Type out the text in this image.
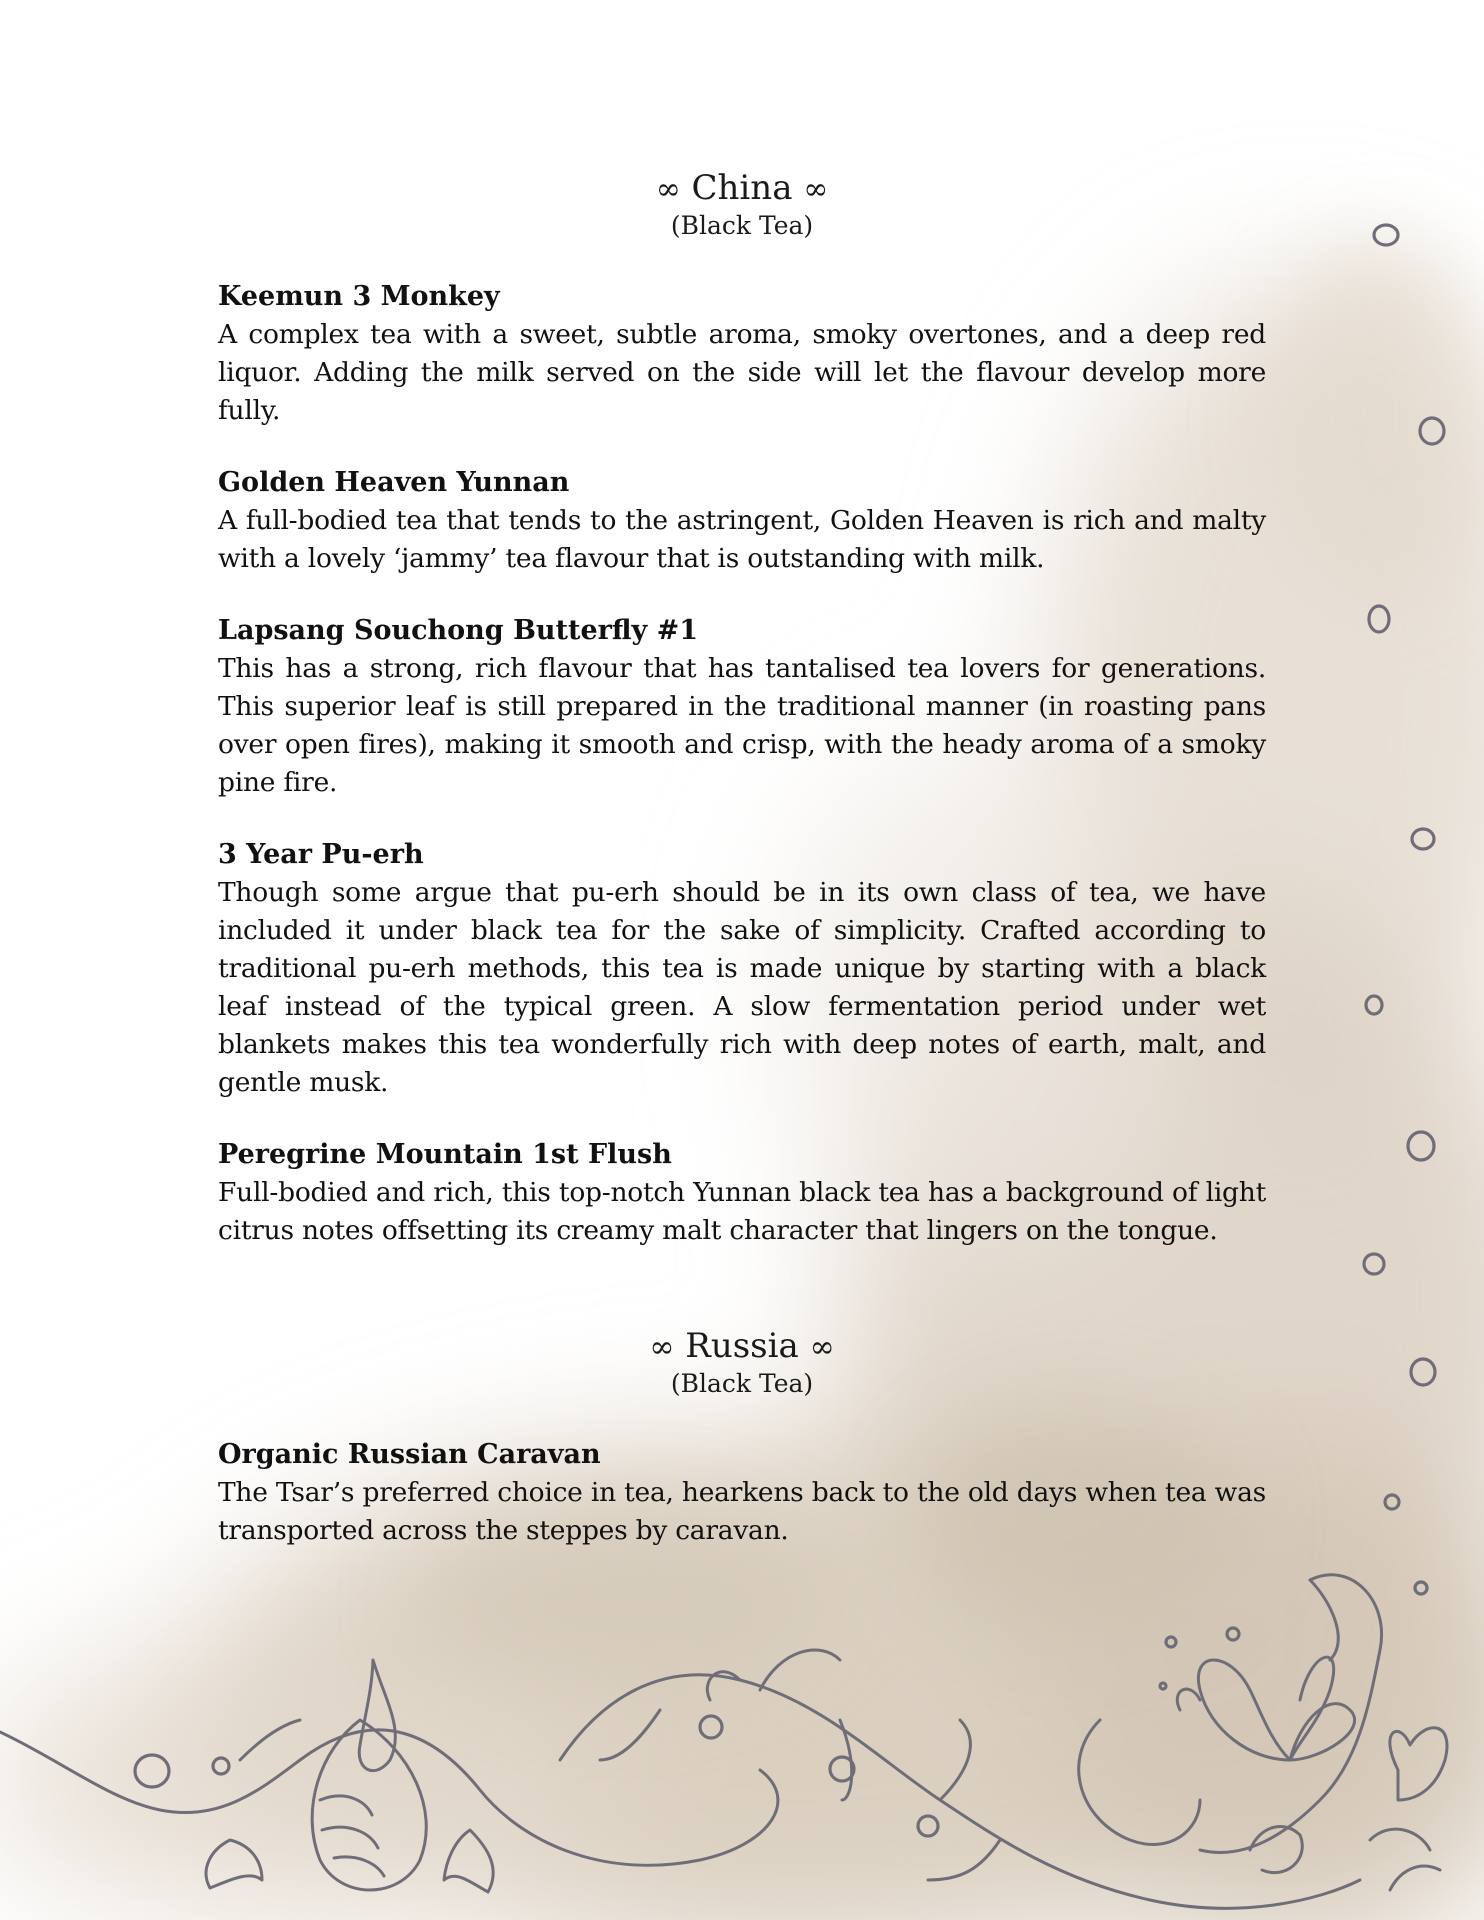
∞ China ∞
(Black Tea)
Keemun 3 Monkey
A complex tea with a sweet, subtle aroma, smoky overtones, and a deep red liquor. Adding the milk served on the side will let the flavour develop more fully.
Golden Heaven Yunnan
A full-bodied tea that tends to the astringent, Golden Heaven is rich and malty with a lovely ‘jammy’ tea flavour that is outstanding with milk.
Lapsang Souchong Butterfly #1
This has a strong, rich flavour that has tantalised tea lovers for generations. This superior leaf is still prepared in the traditional manner (in roasting pans over open fires), making it smooth and crisp, with the heady aroma of a smoky pine fire.
3 Year Pu-erh
Though some argue that pu-erh should be in its own class of tea, we have included it under black tea for the sake of simplicity. Crafted according to traditional pu-erh methods, this tea is made unique by starting with a black leaf instead of the typical green. A slow fermentation period under wet blankets makes this tea wonderfully rich with deep notes of earth, malt, and gentle musk.
Peregrine Mountain 1st Flush
Full-bodied and rich, this top-notch Yunnan black tea has a background of light citrus notes offsetting its creamy malt character that lingers on the tongue.
∞ Russia ∞
(Black Tea)
Organic Russian Caravan
The Tsar’s preferred choice in tea, hearkens back to the old days when tea was transported across the steppes by caravan.
